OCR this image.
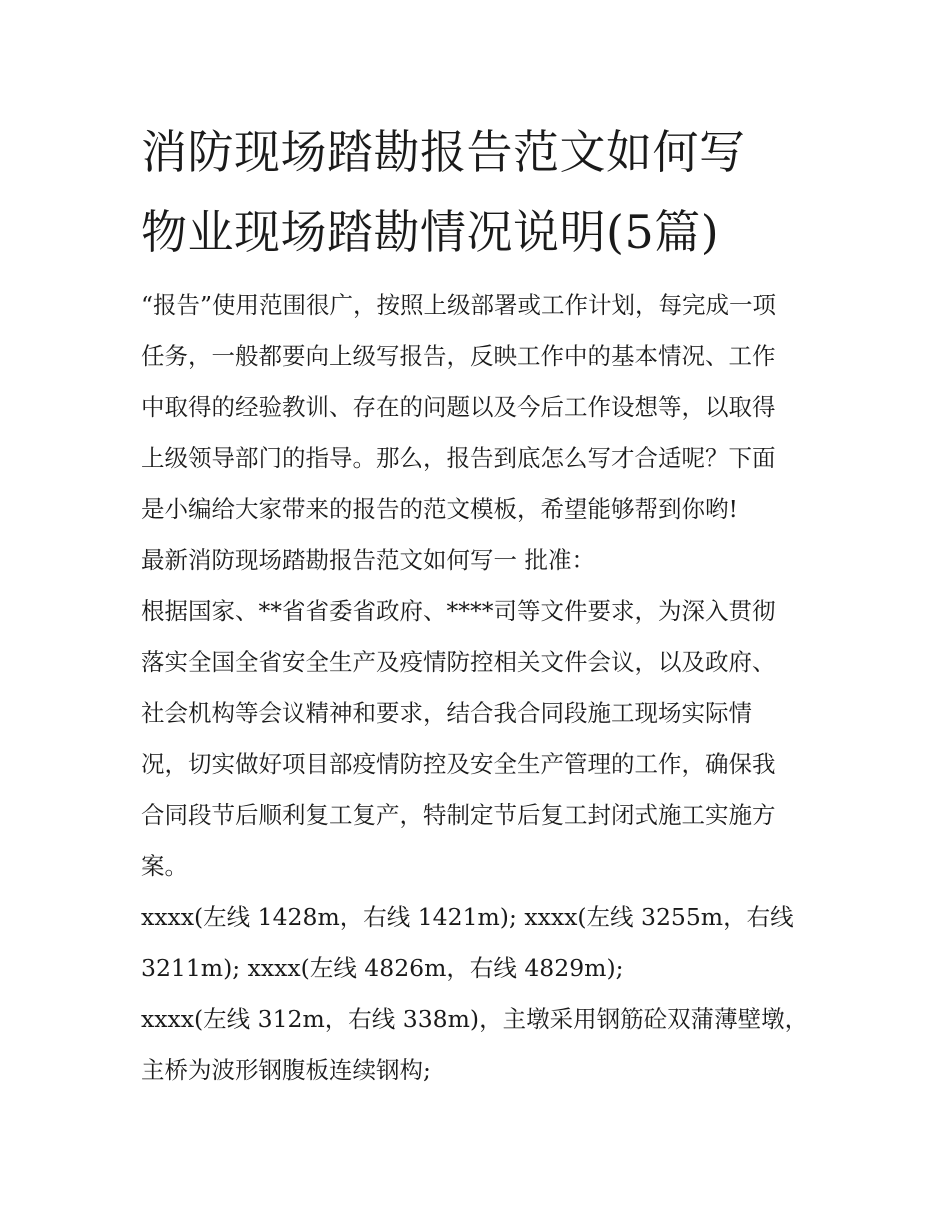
消防现场踏勘报告范文如何写
物业现场踏勘情况说明(5篇)
“报告”使用范围很广，按照上级部署或工作计划，每完成一项
任务，一般都要向上级写报告，反映工作中的基本情况、工作
中取得的经验教训、存在的问题以及今后工作设想等，以取得
上级领导部门的指导。那么，报告到底怎么写才合适呢？下面
是小编给大家带来的报告的范文模板，希望能够帮到你哟!
最新消防现场踏勘报告范文如何写一 批准：
根据国家、**省省委省政府、****司等文件要求，为深入贯彻
落实全国全省安全生产及疫情防控相关文件会议，以及政府、
社会机构等会议精神和要求，结合我合同段施工现场实际情
况，切实做好项目部疫情防控及安全生产管理的工作，确保我
合同段节后顺利复工复产，特制定节后复工封闭式施工实施方
案。
xxxx(左线 1428m，右线 1421m); xxxx(左线 3255m，右线
3211m); xxxx(左线 4826m，右线 4829m);
xxxx(左线 312m，右线 338m)，主墩采用钢筋砼双蒲薄壁墩，
主桥为波形钢腹板连续钢构;
